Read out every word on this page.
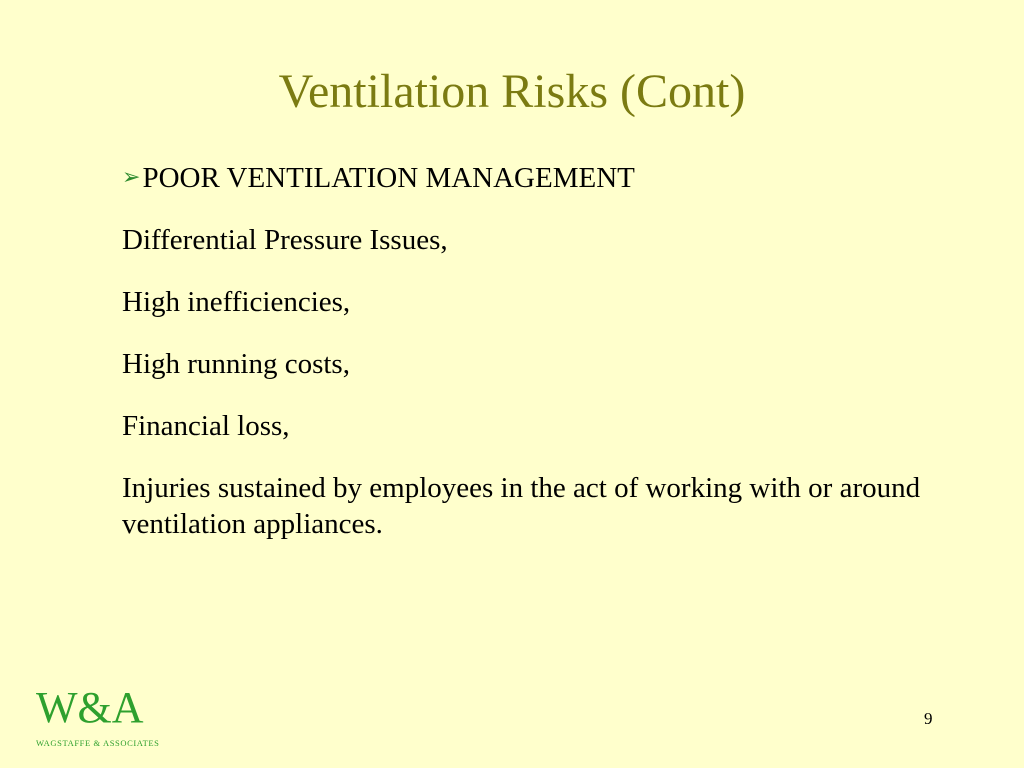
Ventilation Risks (Cont)
➢POOR VENTILATION MANAGEMENT
Differential Pressure Issues,
High inefficiencies,
High running costs,
Financial loss,
Injuries sustained by employees in the act of working with or around ventilation appliances.
W&A
WAGSTAFFE & ASSOCIATES
9
